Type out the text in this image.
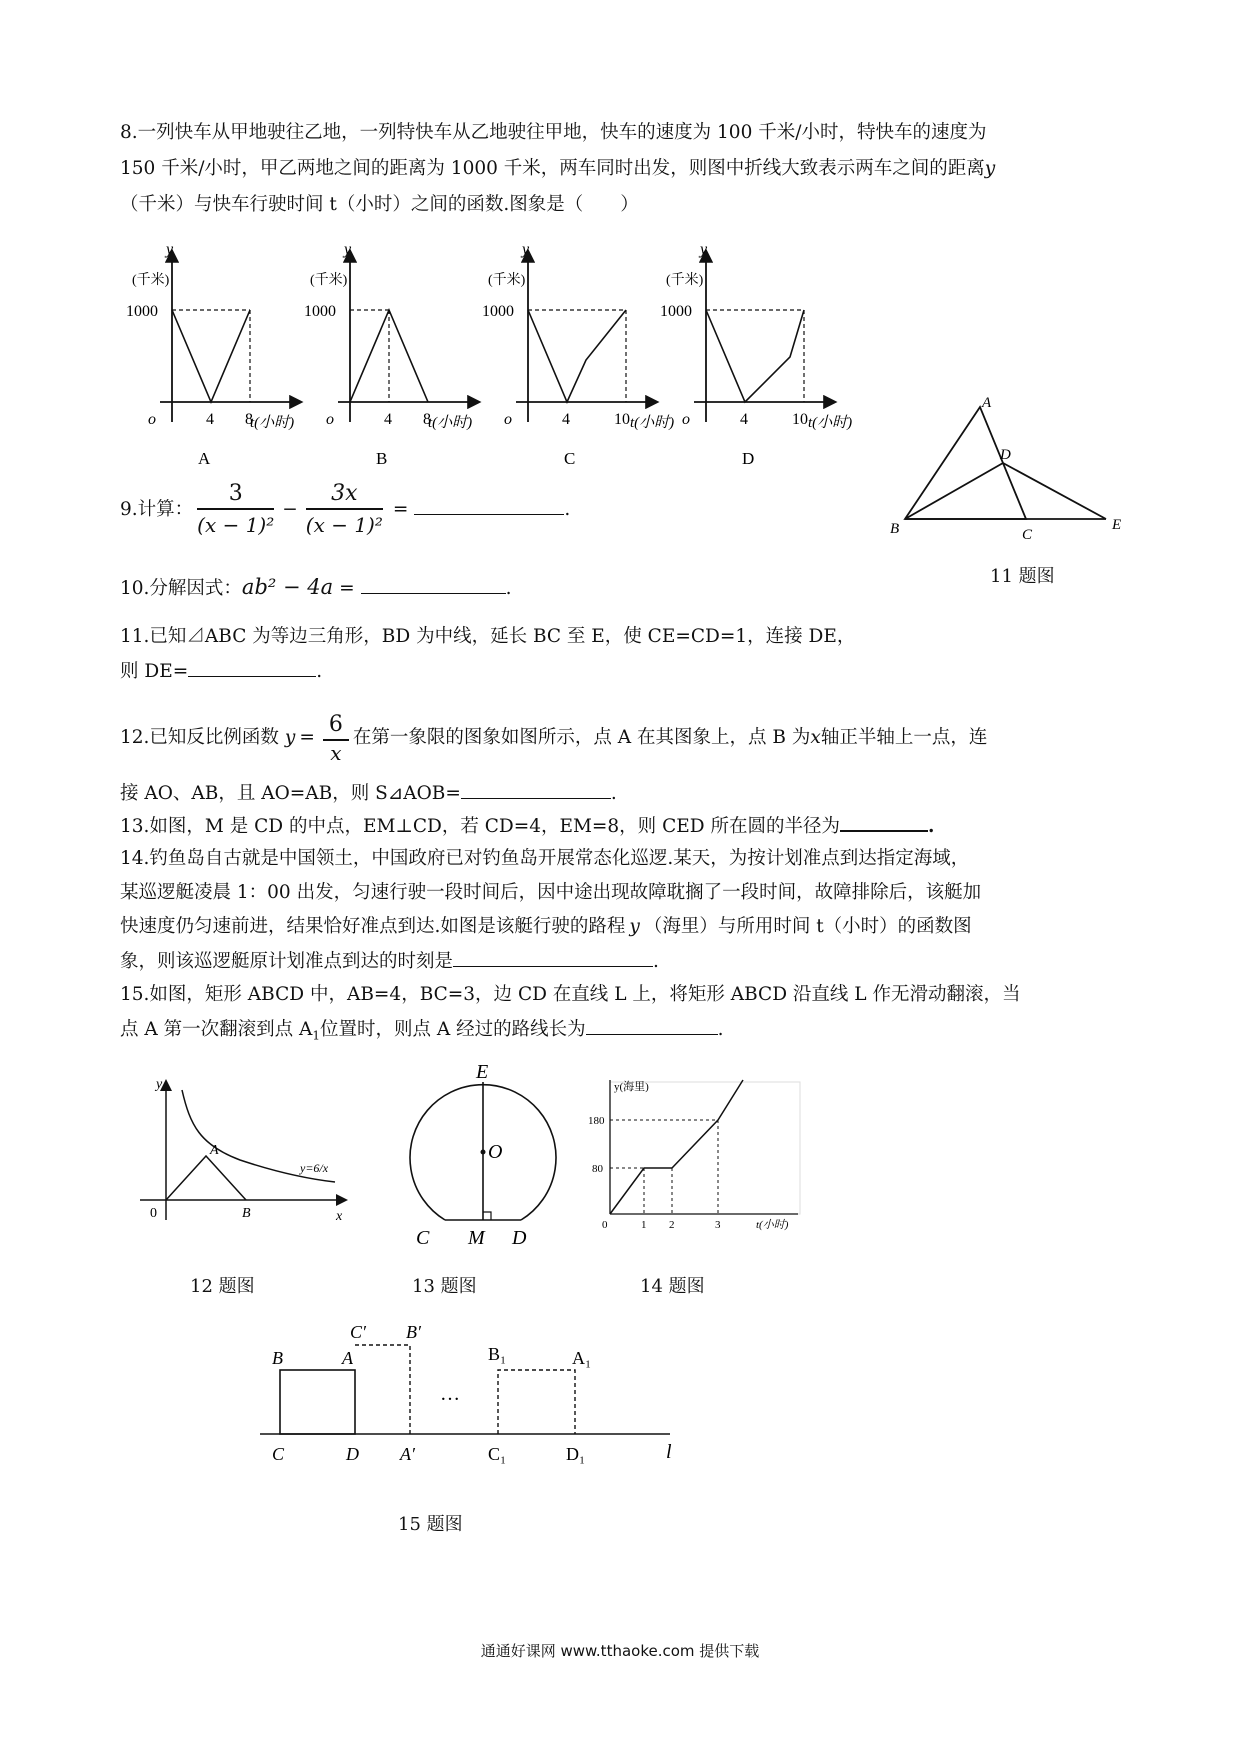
8.一列快车从甲地驶往乙地，一列特快车从乙地驶往甲地，快车的速度为 100 千米/小时，特快车的速度为
150 千米/小时，甲乙两地之间的距离为 1000 千米，两车同时出发，则图中折线大致表示两车之间的距离y
（千米）与快车行驶时间 t（小时）之间的函数.图象是（　　）
y
(千米)
1000
o	4 8
t(小时)
A
y
(千米)
1000
o	4 8
t(小时)
B
y
(千米)
1000
o	4	10 t(小时)
C
y
(千米)
1000
o	4	10 t(小时)
D
A
B	C
D
E
11 题图
9.计算： $\frac{3}{\text{(x − 1)²}} - \frac{3x}{\text{(x − 1)²}}$ =	.
10.分解因式：ab² − 4a =	.
11.已知⊿ABC 为等边三角形，BD 为中线，延长 BC 至 E，使 CE=CD=1，连接 DE，
则 DE=	.
12.已知反比例函数 $y = \frac{6}{x}$ 在第一象限的图象如图所示，点 A 在其图象上，点 B 为x轴正半轴上一点，连
接 AO、AB，且 AO=AB，则 S⊿AOB=	.
13.如图，M 是 CD 的中点，EM⊥CD，若 CD=4，EM=8，则 CED 所在圆的半径为	.
14.钓鱼岛自古就是中国领土，中国政府已对钓鱼岛开展常态化巡逻.某天，为按计划准点到达指定海域，
某巡逻艇凌晨 1：00 出发，匀速行驶一段时间后，因中途出现故障耽搁了一段时间，故障排除后，该艇加
快速度仍匀速前进，结果恰好准点到达.如图是该艇行驶的路程 y （海里）与所用时间 t（小时）的函数图
象，则该巡逻艇原计划准点到达的时刻是	.
15.如图，矩形 ABCD 中，AB=4，BC=3，边 CD 在直线 L 上，将矩形 ABCD 沿直线 L 作无滑动翻滚，当
点 A 第一次翻滚到点 $A_1$位置时，则点 A 经过的路线长为	.
y
x
0
A
B
y=6/x
12 题图
E
O
C M D
13 题图
y(海里)
180
80
0	1 2	3	t(小时)
14 题图
B	A
C′ B′
B₁	A₁
…
C	D A′	C₁	D₁	l
15 题图
通通好课网 www.tthaoke.com 提供下载
